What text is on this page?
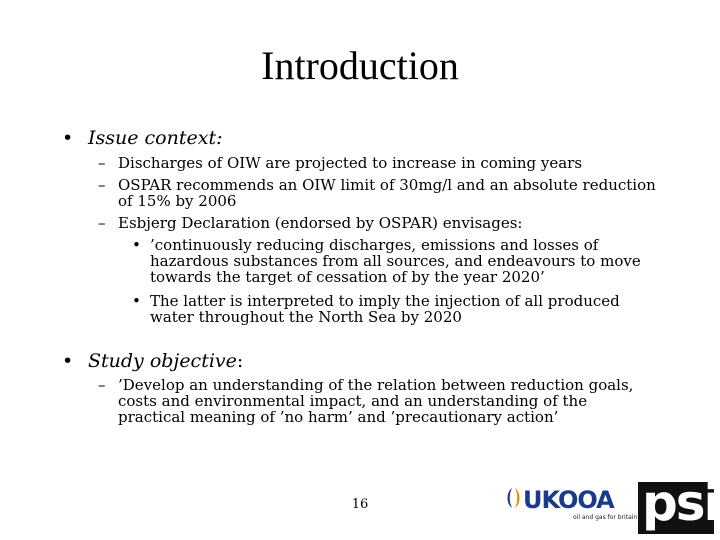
Introduction
• Issue context:
– Discharges of OIW are projected to increase in coming years
– OSPAR recommends an OIW limit of 30mg/l and an absolute reduction of 15% by 2006
– Esbjerg Declaration (endorsed by OSPAR) envisages:
• ’continuously reducing discharges, emissions and losses of hazardous substances from all sources, and endeavours to move towards the target of cessation of by the year 2020’
• The latter is interpreted to imply the injection of all produced water throughout the North Sea by 2020
• Study objective:
– ’Develop an understanding of the relation between reduction goals, costs and environmental impact, and an understanding of the practical meaning of ’no harm’ and ’precautionary action’
16	UKOOA
oil and gas for britain psi
